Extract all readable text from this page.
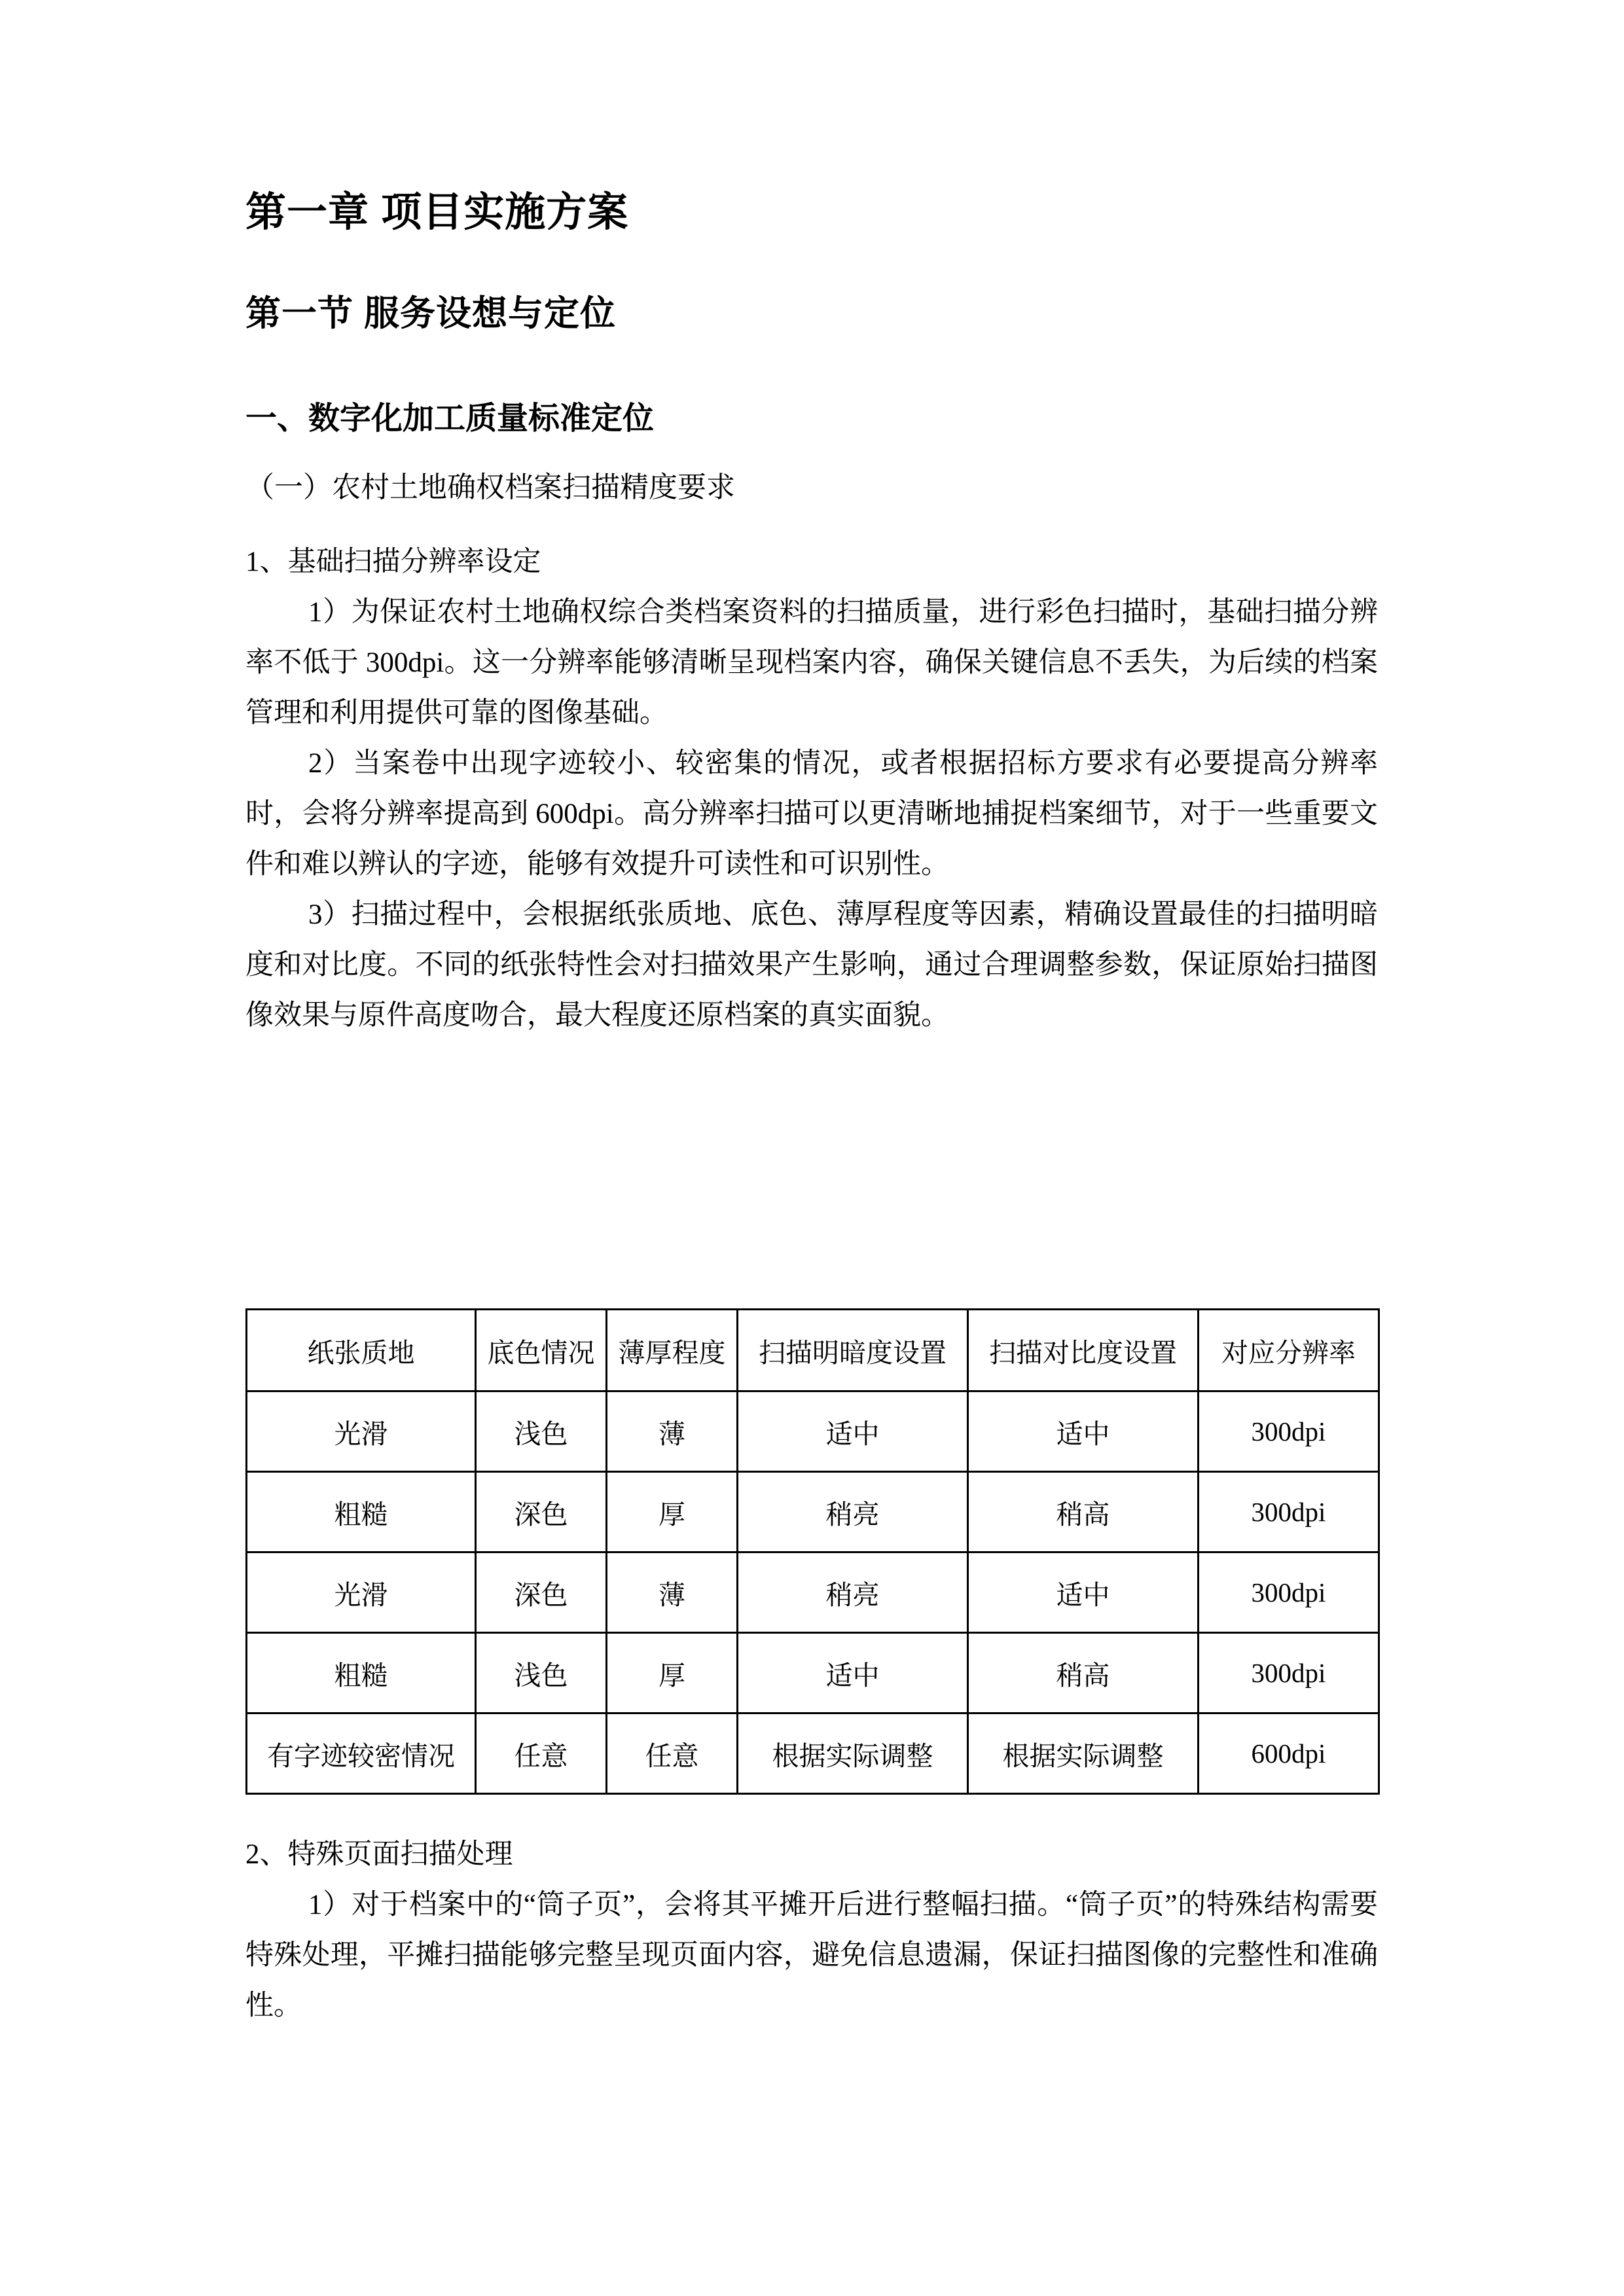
第一章 项目实施方案
第一节 服务设想与定位
一、数字化加工质量标准定位
（一）农村土地确权档案扫描精度要求

1、基础扫描分辨率设定

1）为保证农村土地确权综合类档案资料的扫描质量，进行彩色扫描时，基础扫描分辨率不低于 300dpi。这一分辨率能够清晰呈现档案内容，确保关键信息不丢失，为后续的档案管理和利用提供可靠的图像基础。

2）当案卷中出现字迹较小、较密集的情况，或者根据招标方要求有必要提高分辨率时，会将分辨率提高到 600dpi。高分辨率扫描可以更清晰地捕捉档案细节，对于一些重要文件和难以辨认的字迹，能够有效提升可读性和可识别性。

3）扫描过程中，会根据纸张质地、底色、薄厚程度等因素，精确设置最佳的扫描明暗度和对比度。不同的纸张特性会对扫描效果产生影响，通过合理调整参数，保证原始扫描图像效果与原件高度吻合，最大程度还原档案的真实面貌。

纸张质地	底色情况	薄厚程度	扫描明暗度设置	扫描对比度设置	对应分辨率
光滑	浅色	薄	适中	适中	300dpi
粗糙	深色	厚	稍亮	稍高	300dpi
光滑	深色	薄	稍亮	适中	300dpi
粗糙	浅色	厚	适中	稍高	300dpi
有字迹较密情况	任意	任意	根据实际调整	根据实际调整	600dpi

2、特殊页面扫描处理

1）对于档案中的“筒子页”，会将其平摊开后进行整幅扫描。“筒子页”的特殊结构需要特殊处理，平摊扫描能够完整呈现页面内容，避免信息遗漏，保证扫描图像的完整性和准确性。
